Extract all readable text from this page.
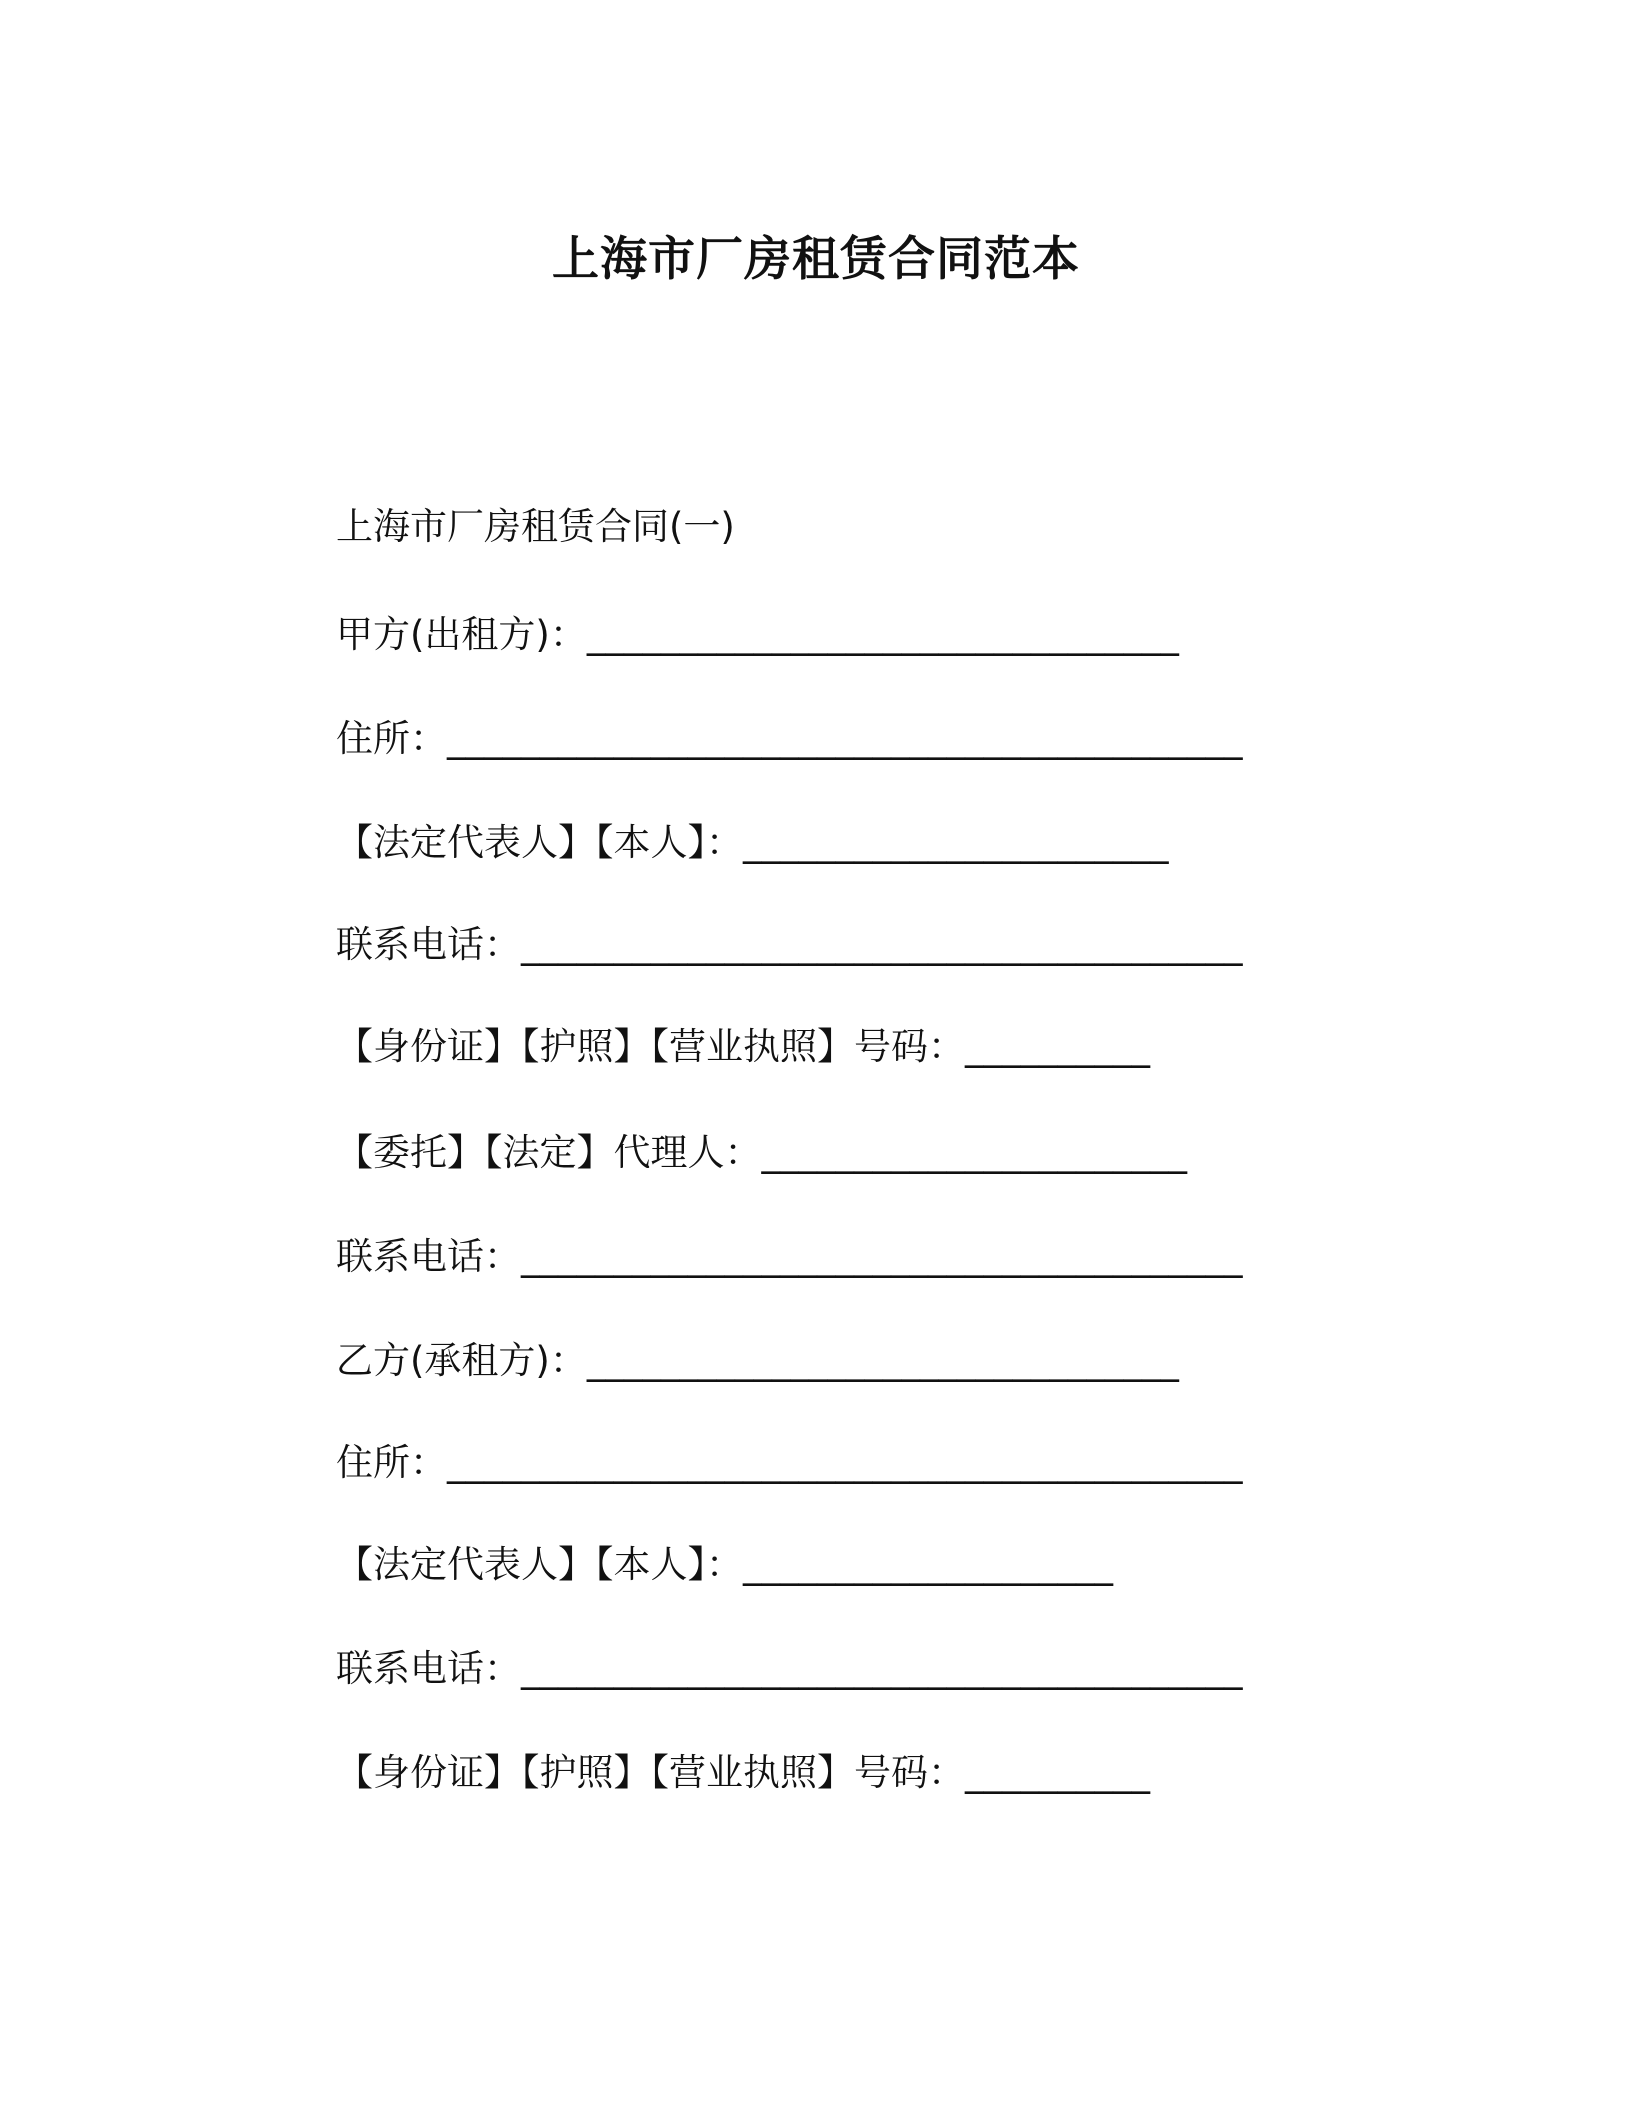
上海市厂房租赁合同范本
上海市厂房租赁合同(一)
甲方(出租方)：________________________________
住所：___________________________________________
【法定代表人】【本人】：_______________________
联系电话：_______________________________________
【身份证】【护照】【营业执照】号码：__________
【委托】【法定】代理人：_______________________
联系电话：_______________________________________
乙方(承租方)：________________________________
住所：___________________________________________
【法定代表人】【本人】：____________________
联系电话：_______________________________________
【身份证】【护照】【营业执照】号码：__________
